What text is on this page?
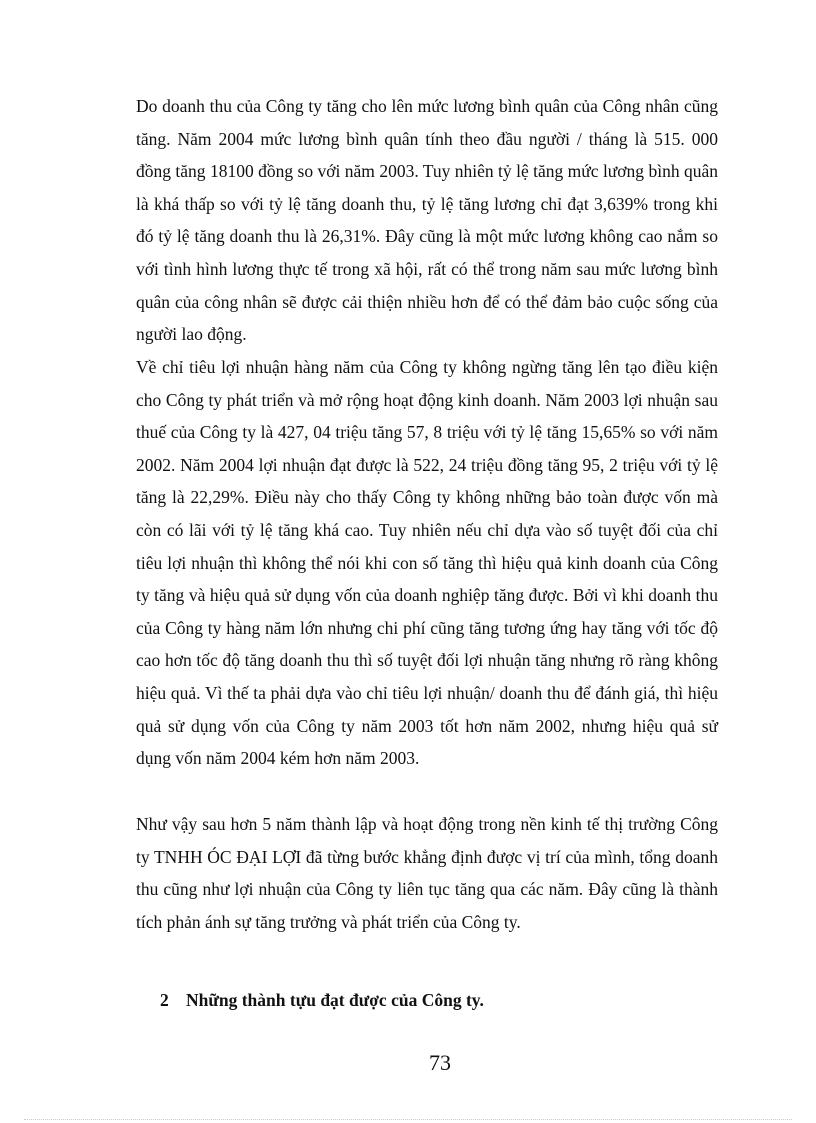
Do doanh thu của Công ty tăng cho lên mức lương bình quân của Công nhân cũng tăng. Năm 2004 mức lương bình quân tính theo đầu người / tháng là 515. 000 đồng tăng 18100 đồng so với năm 2003. Tuy nhiên tỷ lệ tăng mức lương bình quân là khá thấp so với tỷ lệ tăng doanh thu, tỷ lệ tăng lương chỉ đạt 3,639% trong khi đó tỷ lệ tăng doanh thu là 26,31%. Đây cũng là một mức lương không cao nắm so với tình hình lương thực tế trong xã hội, rất có thể trong năm sau mức lương bình quân của công nhân sẽ được cải thiện nhiều hơn để có thể đảm bảo cuộc sống của người lao động.

Về chỉ tiêu lợi nhuận hàng năm của Công ty không ngừng tăng lên tạo điều kiện cho Công ty phát triển và mở rộng hoạt động kinh doanh. Năm 2003 lợi nhuận sau thuế của Công ty là 427, 04 triệu tăng 57, 8 triệu với tỷ lệ tăng 15,65% so với năm 2002. Năm 2004 lợi nhuận đạt được là 522, 24 triệu đồng tăng 95, 2 triệu với tỷ lệ tăng là 22,29%. Điều này cho thấy Công ty không những bảo toàn được vốn mà còn có lãi với tỷ lệ tăng khá cao. Tuy nhiên nếu chỉ dựa vào số tuyệt đối của chỉ tiêu lợi nhuận thì không thể nói khi con số tăng thì hiệu quả kinh doanh của Công ty tăng và hiệu quả sử dụng vốn của doanh nghiệp tăng được. Bởi vì khi doanh thu của Công ty hàng năm lớn nhưng chi phí cũng tăng tương ứng hay tăng với tốc độ cao hơn tốc độ tăng doanh thu thì số tuyệt đối lợi nhuận tăng nhưng rõ ràng không hiệu quả. Vì thế ta phải dựa vào chỉ tiêu lợi nhuận/ doanh thu để đánh giá, thì hiệu quả sử dụng vốn của Công ty năm 2003 tốt hơn năm 2002, nhưng hiệu quả sử dụng vốn năm 2004 kém hơn năm 2003.

Như vậy sau hơn 5 năm thành lập và hoạt động trong nền kinh tế thị trường Công ty TNHH ÓC ĐẠI LỢI đã từng bước khẳng định được vị trí của mình, tổng doanh thu cũng như lợi nhuận của Công ty liên tục tăng qua các năm. Đây cũng là thành tích phản ánh sự tăng trưởng và phát triển của Công ty.

2 Những thành tựu đạt được của Công ty.
73
